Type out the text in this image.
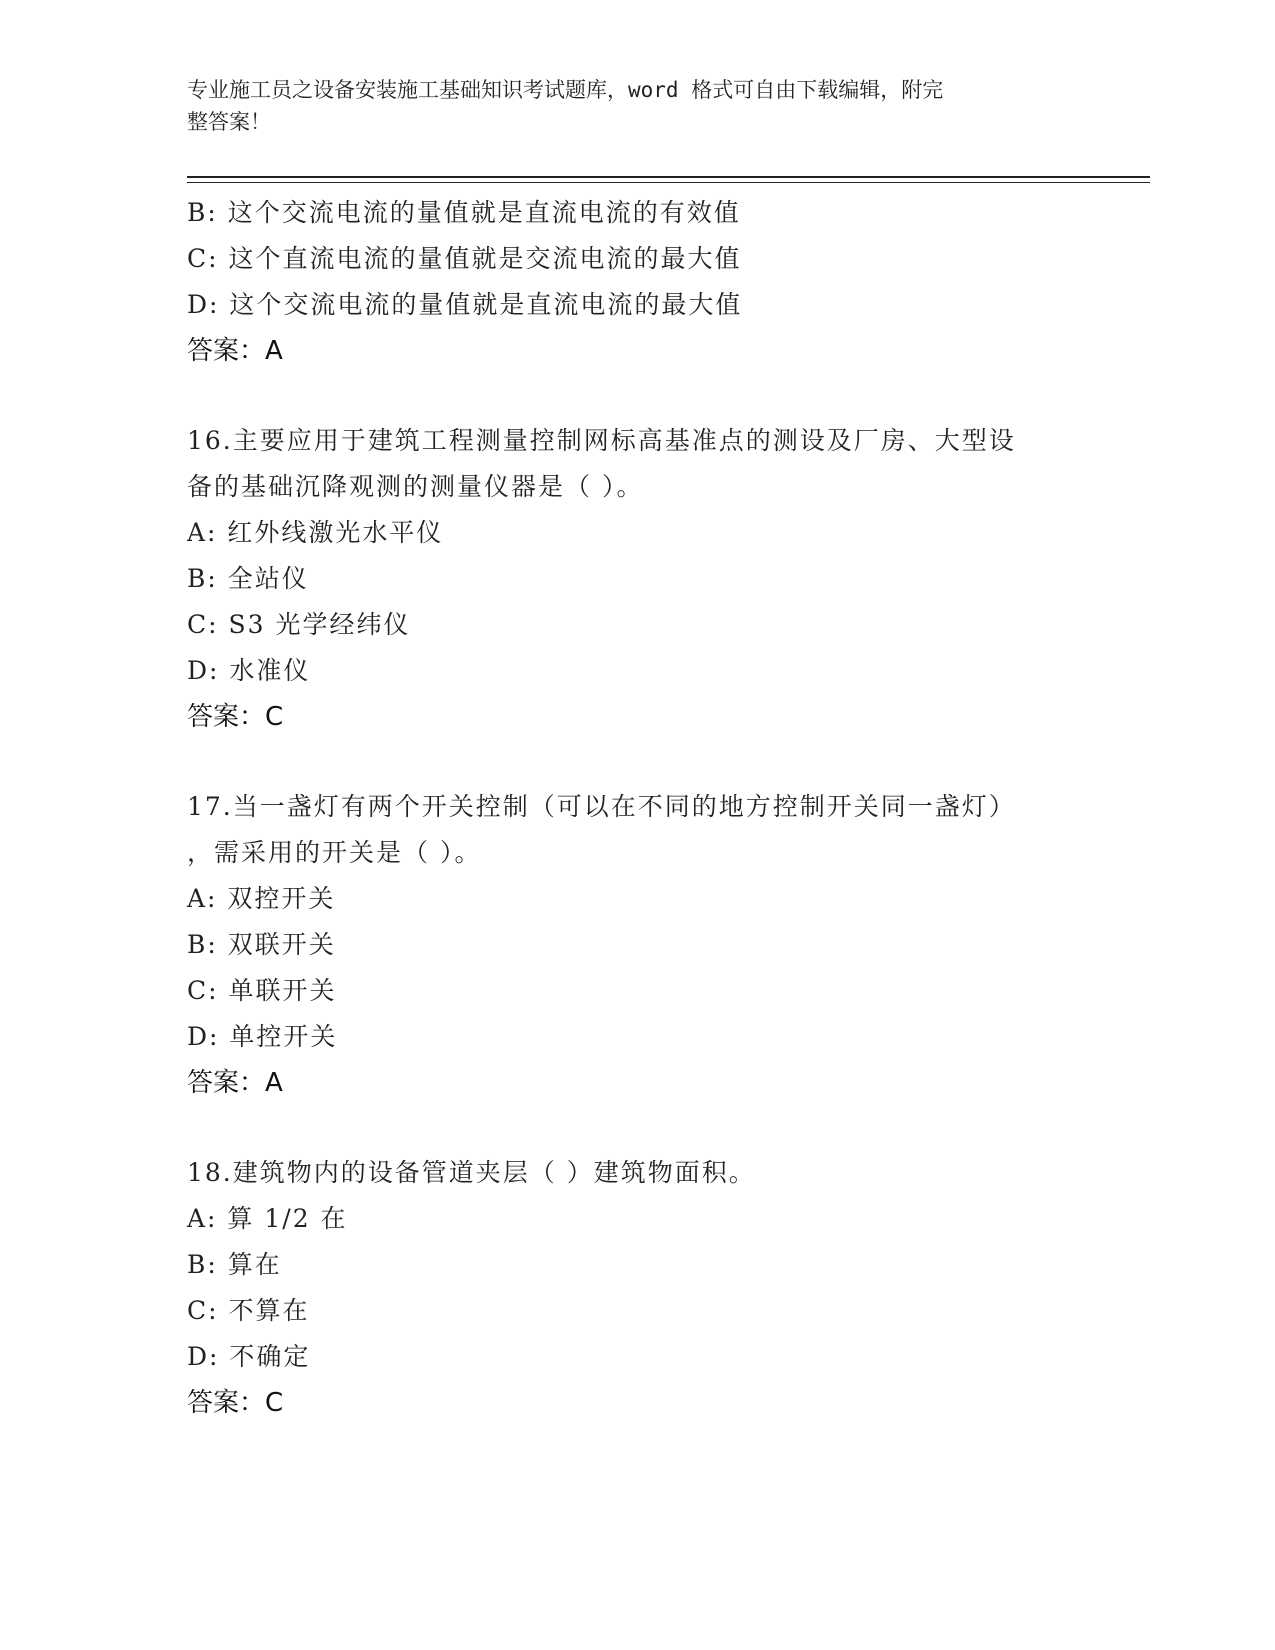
专业施工员之设备安装施工基础知识考试题库，word 格式可自由下载编辑，附完
整答案！
B: 这个交流电流的量值就是直流电流的有效值
C: 这个直流电流的量值就是交流电流的最大值
D: 这个交流电流的量值就是直流电流的最大值
答案：A
16.主要应用于建筑工程测量控制网标高基准点的测设及厂房、大型设
备的基础沉降观测的测量仪器是（ ）。
A: 红外线激光水平仪
B: 全站仪
C: S3 光学经纬仪
D: 水准仪
答案：C
17.当一盏灯有两个开关控制（可以在不同的地方控制开关同一盏灯）
，需采用的开关是（ ）。
A: 双控开关
B: 双联开关
C: 单联开关
D: 单控开关
答案：A
18.建筑物内的设备管道夹层（ ）建筑物面积。
A: 算 1/2 在
B: 算在
C: 不算在
D: 不确定
答案：C
